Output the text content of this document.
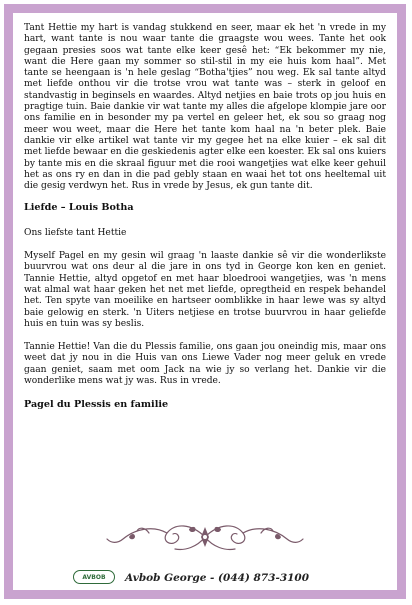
Tant Hettie my hart is vandag stukkend en seer, maar ek het 'n vrede in my hart, want tante is nou waar tante die graagste wou wees. Tante het ook gegaan presies soos wat tante elke keer gesê het: “Ek bekommer my nie, want die Here gaan my sommer so stil-stil in my eie huis kom haal”. Met tante se heengaan is 'n hele geslag “Botha'tjies” nou weg. Ek sal tante altyd met liefde onthou vir die trotse vrou wat tante was – sterk in geloof en standvastig in beginsels en waardes. Altyd netjies en baie trots op jou huis en pragtige tuin. Baie dankie vir wat tante my alles die afgelope klompie jare oor ons familie en in besonder my pa vertel en geleer het, ek sou so graag nog meer wou weet, maar die Here het tante kom haal na 'n beter plek. Baie dankie vir elke artikel wat tante vir my gegee het na elke kuier – ek sal dit met liefde bewaar en die geskiedenis agter elke een koester. Ek sal ons kuiers by tante mis en die skraal figuur met die rooi wangetjies wat elke keer gehuil het as ons ry en dan in die pad gebly staan en waai het tot ons heeltemal uit die gesig verdwyn het. Rus in vrede by Jesus, ek gun tante dit.

Liefde – Louis Botha

Ons liefste tant Hettie

Myself Pagel en my gesin wil graag 'n laaste dankie sê vir die wonderlikste buurvrou wat ons deur al die jare in ons tyd in George kon ken en geniet. Tannie Hettie, altyd opgetof en met haar bloedrooi wangetjies, was 'n mens wat almal wat haar geken het net met liefde, opregtheid en respek behandel het. Ten spyte van moeilike en hartseer oomblikke in haar lewe was sy altyd baie gelowig en sterk. 'n Uiters netjiese en trotse buurvrou in haar geliefde huis en tuin was sy beslis.

Tannie Hettie! Van die du Plessis familie, ons gaan jou oneindig mis, maar ons weet dat jy nou in die Huis van ons Liewe Vader nog meer geluk en vrede gaan geniet, saam met oom Jack na wie jy so verlang het. Dankie vir die wonderlike mens wat jy was. Rus in vrede.

Pagel du Plessis en familie

AVBOB	Avbob George - (044) 873-3100
